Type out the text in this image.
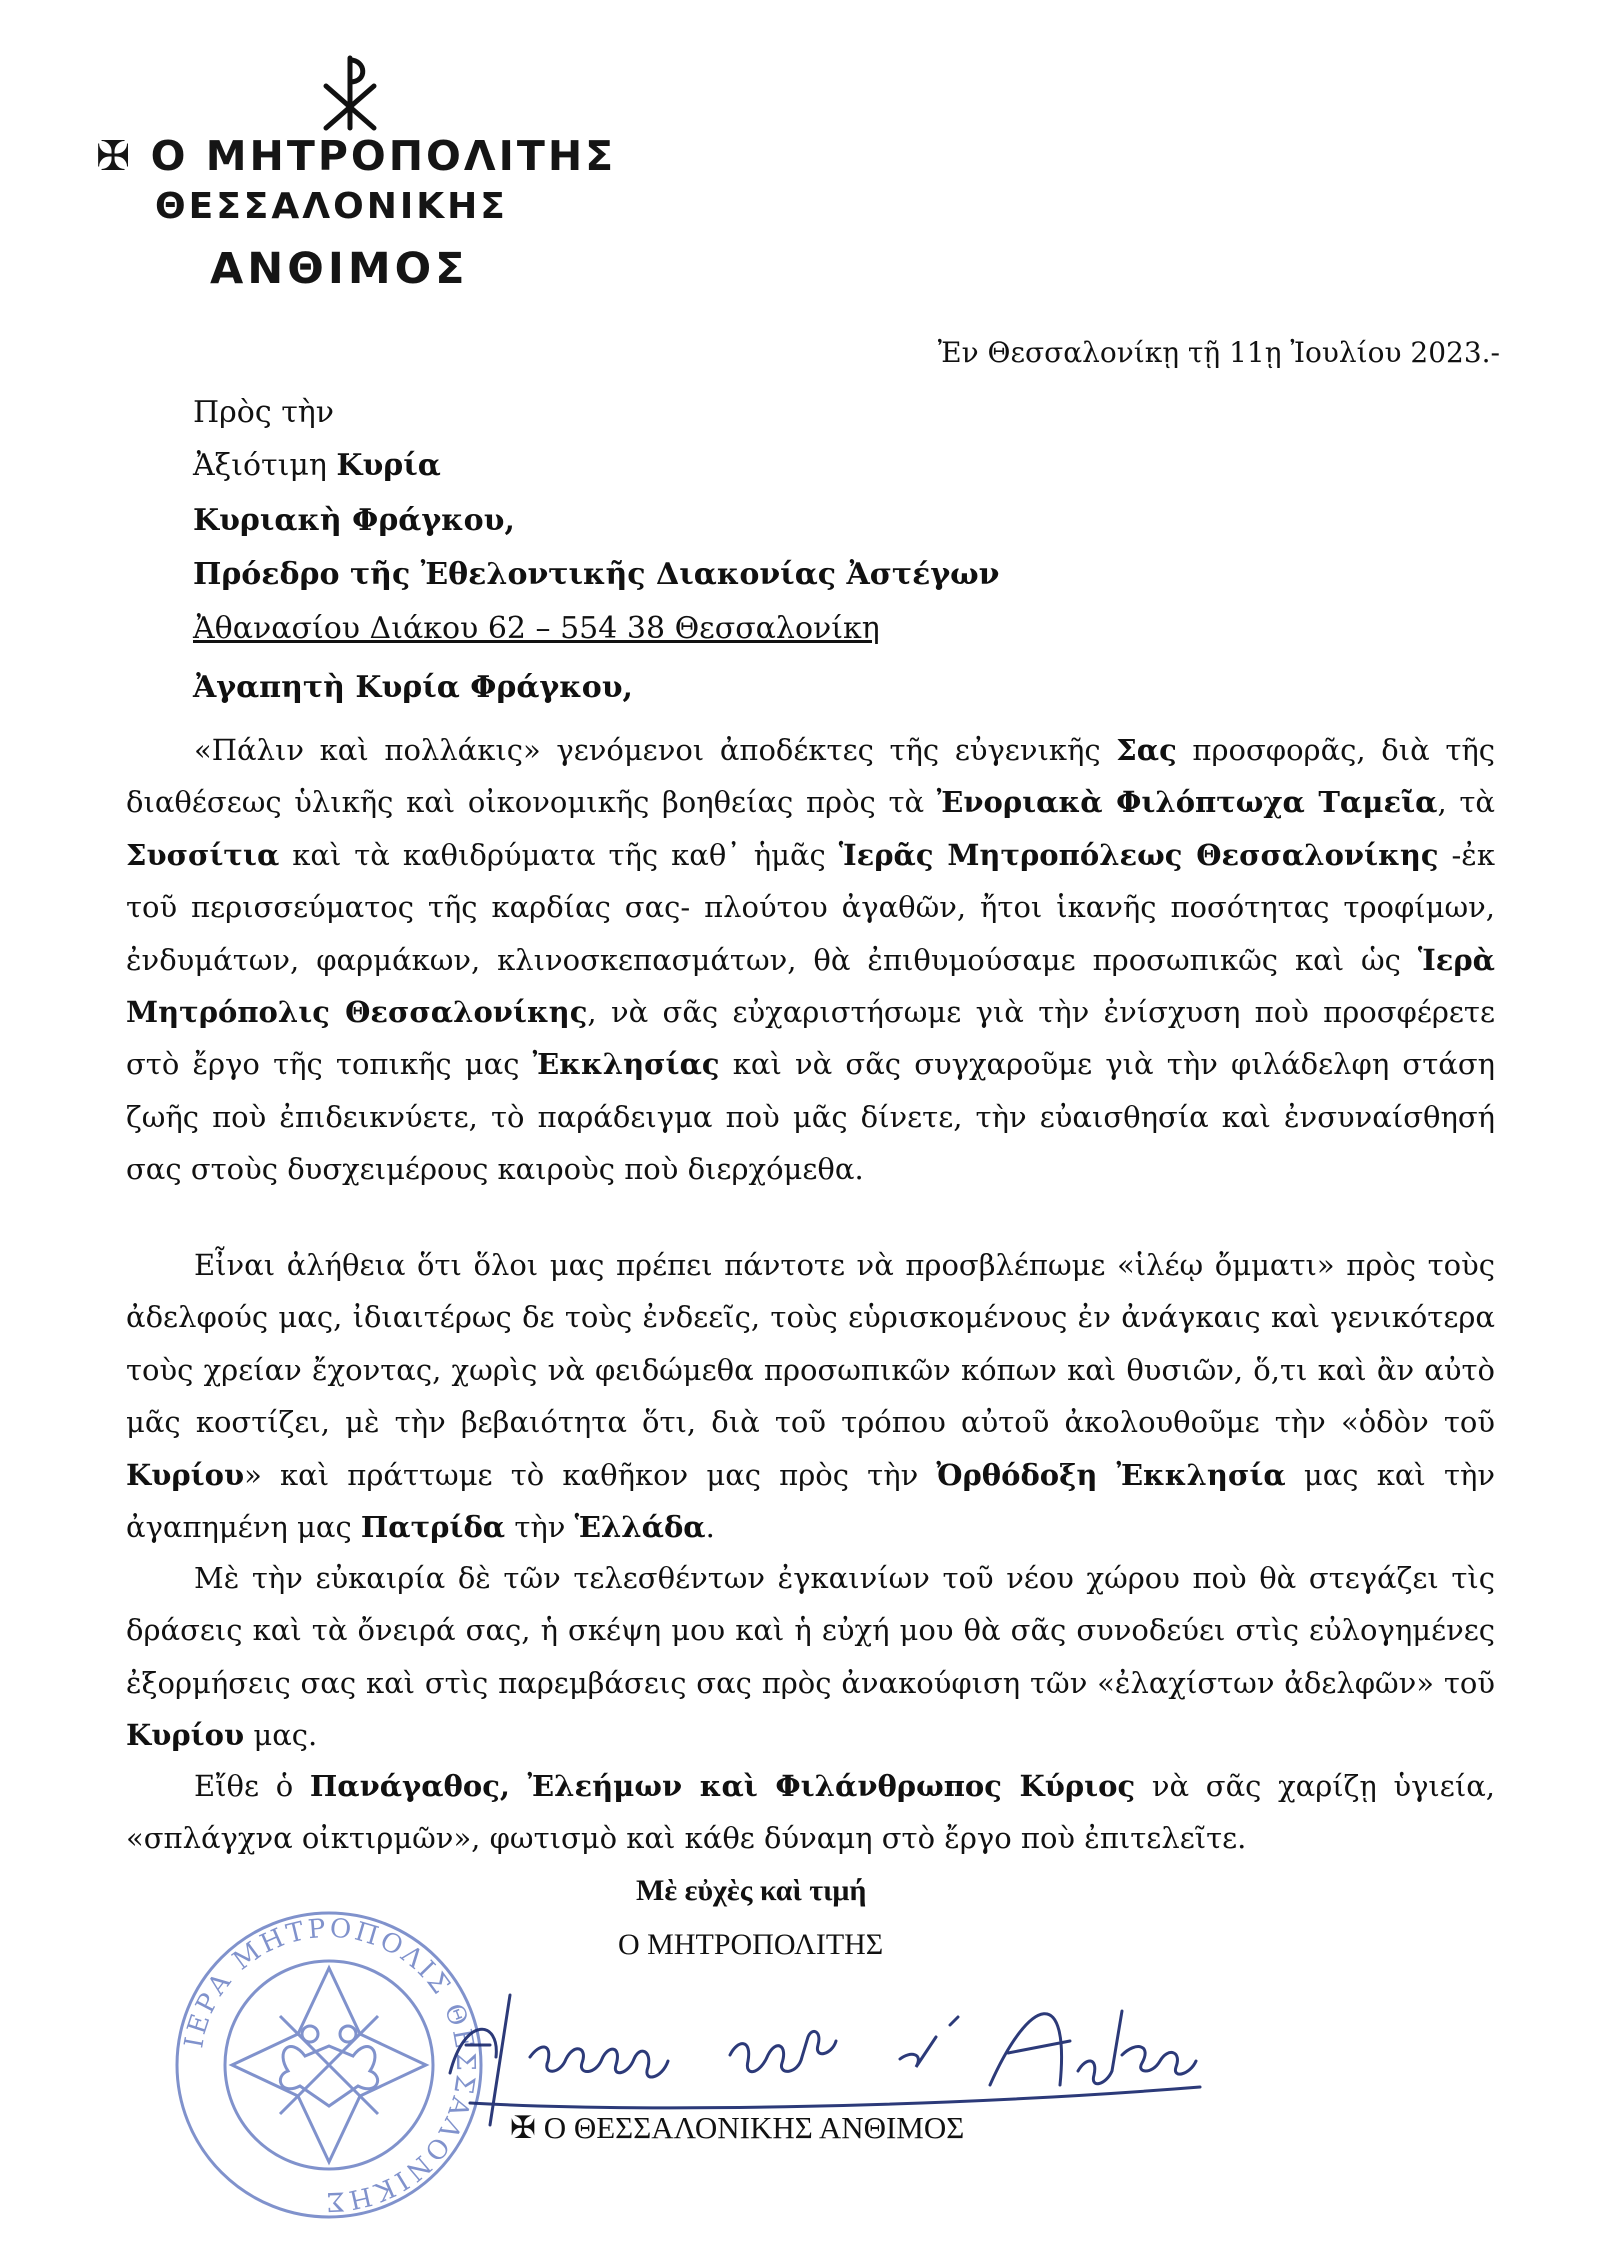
✠ Ο ΜΗΤΡΟΠΟΛΙΤΗΣ
ΘΕΣΣΑΛΟΝΙΚΗΣ
ΑΝΘΙΜΟΣ
Ἐν Θεσσαλονίκῃ τῇ 11ῃ Ἰουλίου 2023.-
Πρὸς τὴν
Ἀξιότιμη Κυρία
Κυριακὴ Φράγκου,
Πρόεδρο τῆς Ἐθελοντικῆς Διακονίας Ἀστέγων
Ἀθανασίου Διάκου 62 – 554 38 Θεσσαλονίκη
Ἀγαπητὴ Κυρία Φράγκου,

«Πάλιν καὶ πολλάκις» γενόμενοι ἀποδέκτες τῆς εὐγενικῆς Σας προσφορᾶς, διὰ τῆς διαθέσεως ὑλικῆς καὶ οἰκονομικῆς βοηθείας πρὸς τὰ Ἐνοριακὰ Φιλόπτωχα Ταμεῖα, τὰ Συσσίτια καὶ τὰ καθιδρύματα τῆς καθ᾿ ἡμᾶς Ἱερᾶς Μητροπόλεως Θεσσαλονίκης -ἐκ τοῦ περισσεύματος τῆς καρδίας σας- πλούτου ἀγαθῶν, ἤτοι ἱκανῆς ποσότητας τροφίμων, ἐνδυμάτων, φαρμάκων, κλινοσκεπασμάτων, θὰ ἐπιθυμούσαμε προσωπικῶς καὶ ὡς Ἱερὰ Μητρόπολις Θεσσαλονίκης, νὰ σᾶς εὐχαριστήσωμε γιὰ τὴν ἐνίσχυση ποὺ προσφέρετε στὸ ἔργο τῆς τοπικῆς μας Ἐκκλησίας καὶ νὰ σᾶς συγχαροῦμε γιὰ τὴν φιλάδελφη στάση ζωῆς ποὺ ἐπιδεικνύετε, τὸ παράδειγμα ποὺ μᾶς δίνετε, τὴν εὐαισθησία καὶ ἐνσυναίσθησή σας στοὺς δυσχειμέρους καιροὺς ποὺ διερχόμεθα.

Εἶναι ἀλήθεια ὅτι ὅλοι μας πρέπει πάντοτε νὰ προσβλέπωμε «ἱλέῳ ὄμματι» πρὸς τοὺς ἀδελφούς μας, ἰδιαιτέρως δε τοὺς ἐνδεεῖς, τοὺς εὑρισκομένους ἐν ἀνάγκαις καὶ γενικότερα τοὺς χρείαν ἔχοντας, χωρὶς νὰ φειδώμεθα προσωπικῶν κόπων καὶ θυσιῶν, ὅ,τι καὶ ἂν αὐτὸ μᾶς κοστίζει, μὲ τὴν βεβαιότητα ὅτι, διὰ τοῦ τρόπου αὐτοῦ ἀκολουθοῦμε τὴν «ὁδὸν τοῦ Κυρίου» καὶ πράττωμε τὸ καθῆκον μας πρὸς τὴν Ὀρθόδοξη Ἐκκλησία μας καὶ τὴν ἀγαπημένη μας Πατρίδα τὴν Ἑλλάδα.

Μὲ τὴν εὐκαιρία δὲ τῶν τελεσθέντων ἐγκαινίων τοῦ νέου χώρου ποὺ θὰ στεγάζει τὶς δράσεις καὶ τὰ ὄνειρά σας, ἡ σκέψη μου καὶ ἡ εὐχή μου θὰ σᾶς συνοδεύει στὶς εὐλογημένες ἐξορμήσεις σας καὶ στὶς παρεμβάσεις σας πρὸς ἀνακούφιση τῶν «ἐλαχίστων ἀδελφῶν» τοῦ Κυρίου μας.

Εἴθε ὁ Πανάγαθος, Ἐλεήμων καὶ Φιλάνθρωπος Κύριος νὰ σᾶς χαρίζῃ ὑγιεία, «σπλάγχνα οἰκτιρμῶν», φωτισμὸ καὶ κάθε δύναμη στὸ ἔργο ποὺ ἐπιτελεῖτε.

Μὲ εὐχὲς καὶ τιμή
Ο ΜΗΤΡΟΠΟΛΙΤΗΣ
ΙΕΡΑ ΜΗΤΡΟΠΟΛΙΣ ΘΕΣΣΑΛΟΝΙΚΗΣ
✠ Ο ΘΕΣΣΑΛΟΝΙΚΗΣ ΑΝΘΙΜΟΣ
